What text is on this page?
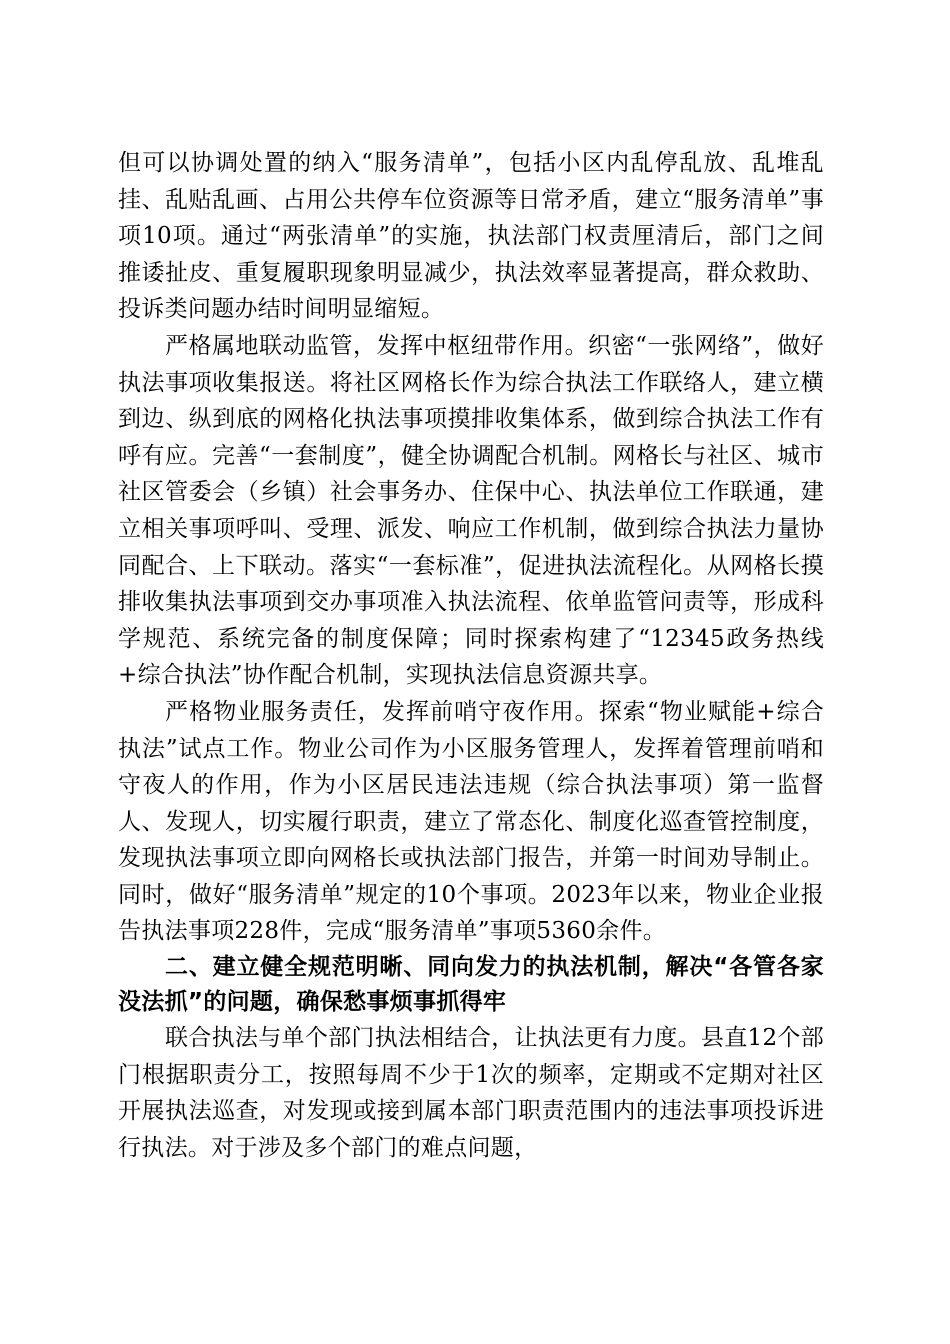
但可以协调处置的纳入“服务清单”，包括小区内乱停乱放、乱堆乱挂、乱贴乱画、占用公共停车位资源等日常矛盾，建立“服务清单”事项10项。通过“两张清单”的实施，执法部门权责厘清后，部门之间推诿扯皮、重复履职现象明显减少，执法效率显著提高，群众救助、投诉类问题办结时间明显缩短。

严格属地联动监管，发挥中枢纽带作用。织密“一张网络”，做好执法事项收集报送。将社区网格长作为综合执法工作联络人，建立横到边、纵到底的网格化执法事项摸排收集体系，做到综合执法工作有呼有应。完善“一套制度”，健全协调配合机制。网格长与社区、城市社区管委会（乡镇）社会事务办、住保中心、执法单位工作联通，建立相关事项呼叫、受理、派发、响应工作机制，做到综合执法力量协同配合、上下联动。落实“一套标准”，促进执法流程化。从网格长摸排收集执法事项到交办事项准入执法流程、依单监管问责等，形成科学规范、系统完备的制度保障；同时探索构建了“12345政务热线+综合执法”协作配合机制，实现执法信息资源共享。

严格物业服务责任，发挥前哨守夜作用。探索“物业赋能+综合执法”试点工作。物业公司作为小区服务管理人，发挥着管理前哨和守夜人的作用，作为小区居民违法违规（综合执法事项）第一监督人、发现人，切实履行职责，建立了常态化、制度化巡查管控制度，发现执法事项立即向网格长或执法部门报告，并第一时间劝导制止。同时，做好“服务清单”规定的10个事项。2023年以来，物业企业报告执法事项228件，完成“服务清单”事项5360余件。

二、建立健全规范明晰、同向发力的执法机制，解决“各管各家没法抓”的问题，确保愁事烦事抓得牢

联合执法与单个部门执法相结合，让执法更有力度。县直12个部门根据职责分工，按照每周不少于1次的频率，定期或不定期对社区开展执法巡查，对发现或接到属本部门职责范围内的违法事项投诉进行执法。对于涉及多个部门的难点问题，
